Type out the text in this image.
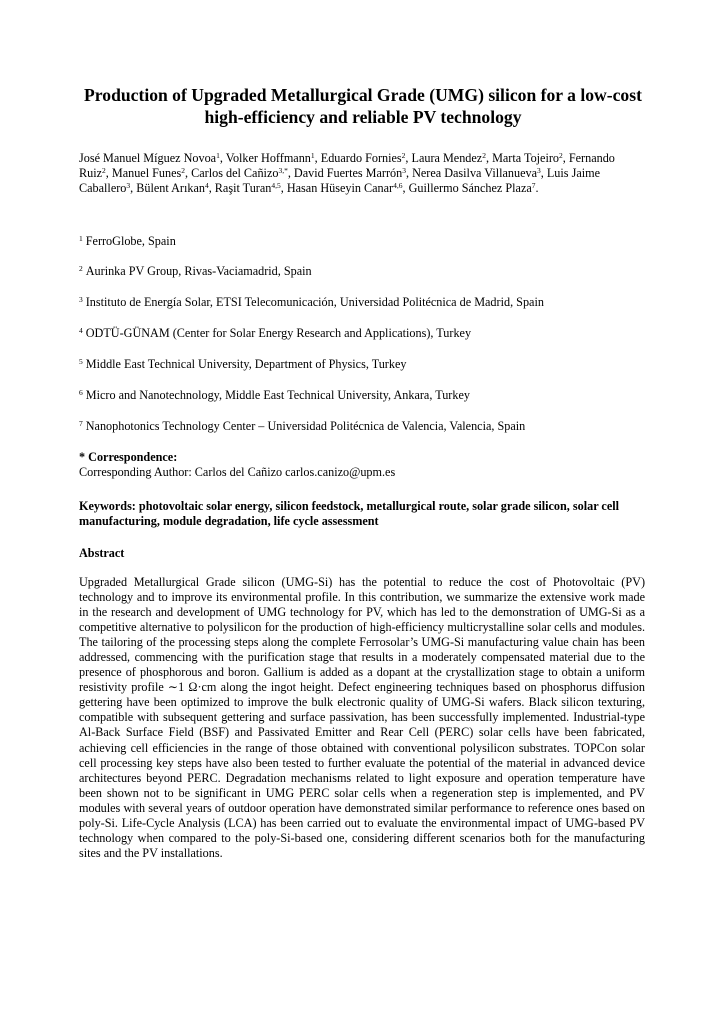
Production of Upgraded Metallurgical Grade (UMG) silicon for a low-cost high-efficiency and reliable PV technology
José Manuel Míguez Novoa$^1$, Volker Hoffmann$^1$, Eduardo Fornies$^2$, Laura Mendez$^2$, Marta Tojeiro$^2$, Fernando Ruiz$^2$, Manuel Funes$^2$, Carlos del Cañizo$^{3,*}$, David Fuertes Marrón$^3$, Nerea Dasilva Villanueva$^3$, Luis Jaime Caballero$^3$, Bülent Arıkan$^4$, Raşit Turan$^{4,5}$, Hasan Hüseyin Canar$^{4,6}$, Guillermo Sánchez Plaza$^7$.
$^1$ FerroGlobe, Spain
$^2$ Aurinka PV Group, Rivas-Vaciamadrid, Spain
$^3$ Instituto de Energía Solar, ETSI Telecomunicación, Universidad Politécnica de Madrid, Spain
$^4$ ODTÜ-GÜNAM (Center for Solar Energy Research and Applications), Turkey
$^5$ Middle East Technical University, Department of Physics, Turkey
$^6$ Micro and Nanotechnology, Middle East Technical University, Ankara, Turkey
$^7$ Nanophotonics Technology Center – Universidad Politécnica de Valencia, Valencia, Spain
* Correspondence:
Corresponding Author: Carlos del Cañizo carlos.canizo@upm.es
Keywords: photovoltaic solar energy, silicon feedstock, metallurgical route, solar grade silicon, solar cell manufacturing, module degradation, life cycle assessment
Abstract
Upgraded Metallurgical Grade silicon (UMG-Si) has the potential to reduce the cost of Photovoltaic (PV) technology and to improve its environmental profile. In this contribution, we summarize the extensive work made in the research and development of UMG technology for PV, which has led to the demonstration of UMG-Si as a competitive alternative to polysilicon for the production of high-efficiency multicrystalline solar cells and modules. The tailoring of the processing steps along the complete Ferrosolar’s UMG-Si manufacturing value chain has been addressed, commencing with the purification stage that results in a moderately compensated material due to the presence of phosphorous and boron. Gallium is added as a dopant at the crystallization stage to obtain a uniform resistivity profile ∼1 Ω·cm along the ingot height. Defect engineering techniques based on phosphorus diffusion gettering have been optimized to improve the bulk electronic quality of UMG-Si wafers. Black silicon texturing, compatible with subsequent gettering and surface passivation, has been successfully implemented. Industrial-type Al-Back Surface Field (BSF) and Passivated Emitter and Rear Cell (PERC) solar cells have been fabricated, achieving cell efficiencies in the range of those obtained with conventional polysilicon substrates. TOPCon solar cell processing key steps have also been tested to further evaluate the potential of the material in advanced device architectures beyond PERC. Degradation mechanisms related to light exposure and operation temperature have been shown not to be significant in UMG PERC solar cells when a regeneration step is implemented, and PV modules with several years of outdoor operation have demonstrated similar performance to reference ones based on poly-Si. Life-Cycle Analysis (LCA) has been carried out to evaluate the environmental impact of UMG-based PV technology when compared to the poly-Si-based one, considering different scenarios both for the manufacturing sites and the PV installations.
